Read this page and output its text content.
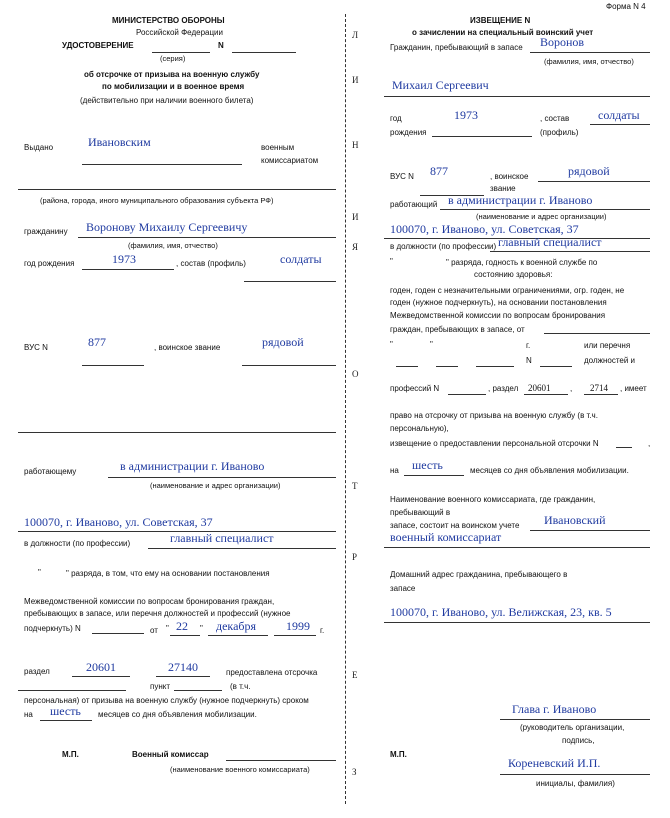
Форма N 4
Л
И
Н
И
Я
О
Т
Р
Е
З
МИНИСТЕРСТВО ОБОРОНЫ
Российской Федерации
УДОСТОВЕРЕНИЕ	N
(серия)
об отсрочке от призыва на военную службу
по мобилизации и в военное время
(действительно при наличии военного билета)
Выдано	Ивановским	военным
комиссариатом
(района, города, иного муниципального образования субъекта РФ)
гражданину Воронову Михаилу Сергеевичу
(фамилия, имя, отчество)
год рождения	1973	, состав (профиль)	солдаты
ВУС N	877	, воинское звание	рядовой
работающему	в администрации г. Иваново
(наименование и адрес организации)
100070, г. Иваново, ул. Советская, 37
в должности (по профессии)	главный специалист
"	" разряда, в том, что ему на основании постановления
Межведомственной комиссии по вопросам бронирования граждан,
пребывающих в запасе, или перечня должностей и профессий (нужное
подчеркнуть) N	от " 22 " декабря 1999 г.
раздел	20601	27140	предоставлена отсрочка
пункт	(в т.ч.
персональная) от призыва на военную службу (нужное подчеркнуть) сроком
на шесть месяцев со дня объявления мобилизации.
М.П.	Военный комиссар
(наименование военного комиссариата)
ИЗВЕЩЕНИЕ N
о зачислении на специальный воинский учет
Гражданин, пребывающий в запасе Воронов
(фамилия, имя, отчество)
Михаил Сергеевич
год
рождения
1973	, состав
(профиль)
солдаты
ВУС N 877	, воинское
звание
рядовой
работающий в администрации г. Иваново
(наименование и адрес организации)
100070, г. Иваново, ул. Советская, 37
в должности (по профессии) главный специалист
"	" разряда, годность к военной службе по
состоянию здоровья:
годен, годен с незначительными ограничениями, огр. годен, не
годен (нужное подчеркнуть), на основании постановления
Межведомственной комиссии по вопросам бронирования
граждан, пребывающих в запасе, от
"	"	г.	или перечня
N	должностей и
профессий N	, раздел 20601 , 2714 , имеет
право на отсрочку от призыва на военную службу (в т.ч.
персональную),
извещение о предоставлении персональной отсрочки N	,
на шесть	месяцев со дня объявления мобилизации.
Наименование военного комиссариата, где гражданин,
пребывающий в
запасе, состоит на воинском учете Ивановский
военный комиссариат
Домашний адрес гражданина, пребывающего в
запасе
100070, г. Иваново, ул. Велижская, 23, кв. 5
Глава г. Иваново
(руководитель организации,
подпись,
М.П.
Кореневский И.П.
инициалы, фамилия)
